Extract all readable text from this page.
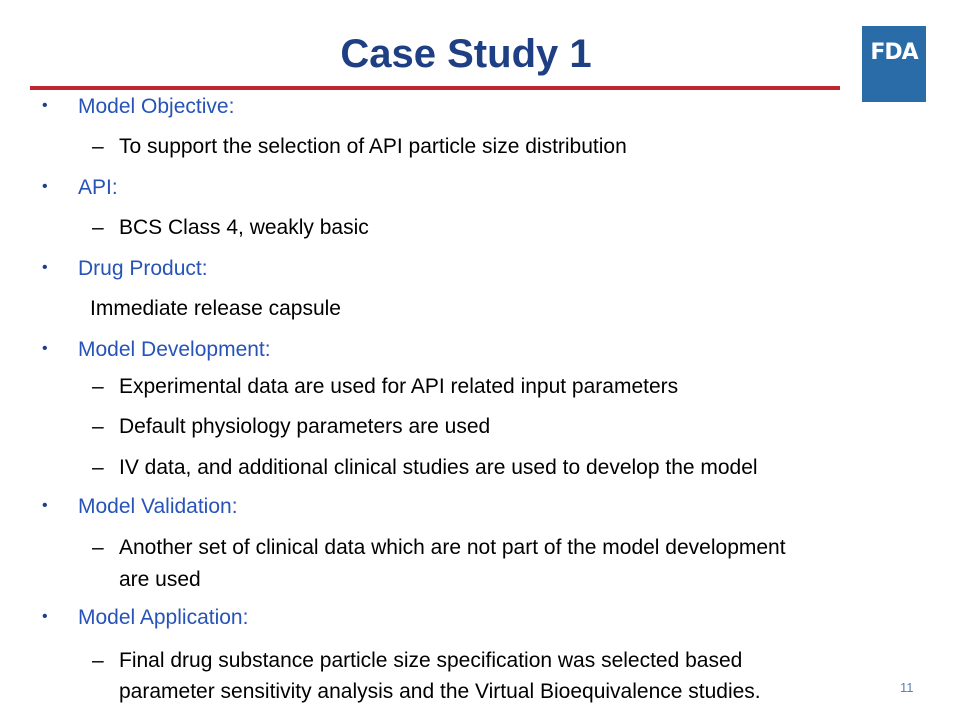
Case Study 1	FDA
• Model Objective:
– To support the selection of API particle size distribution
• API:
– BCS Class 4, weakly basic
• Drug Product:
Immediate release capsule
• Model Development:
– Experimental data are used for API related input parameters
– Default physiology parameters are used
– IV data, and additional clinical studies are used to develop the model
• Model Validation:
– Another set of clinical data which are not part of the model development
are used
• Model Application:
– Final drug substance particle size specification was selected based
parameter sensitivity analysis and the Virtual Bioequivalence studies.	11
